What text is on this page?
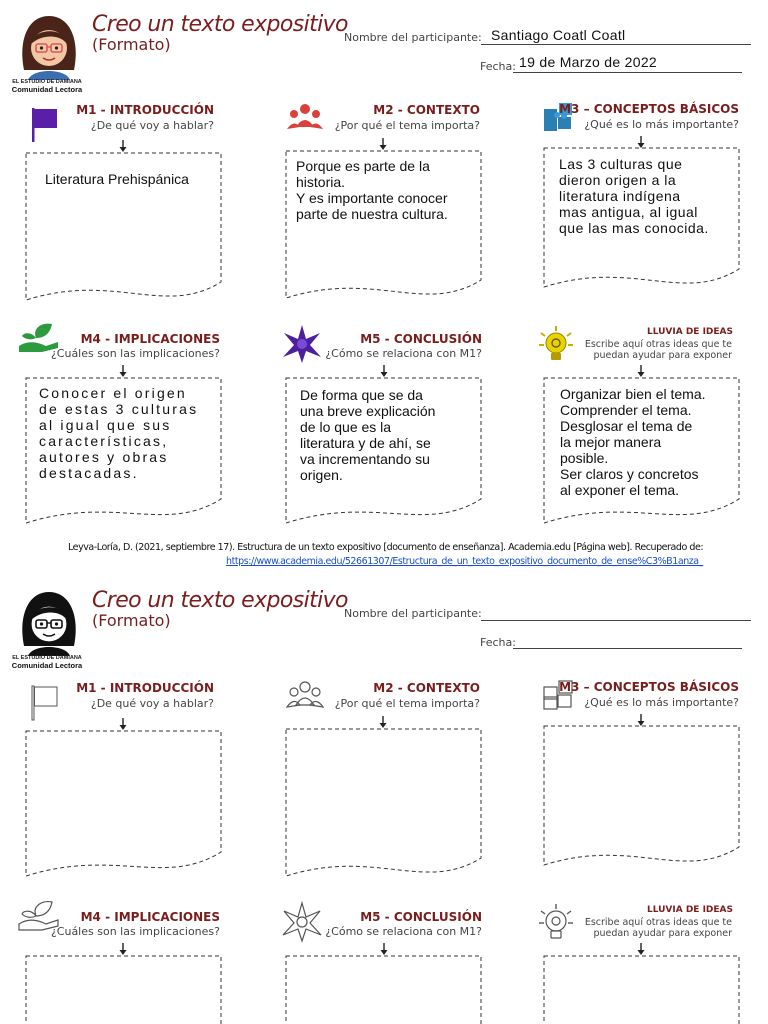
EL ESTUDIO DE DAMIANA
Comunidad Lectora
Creo un texto expositivo
(Formato)	Nombre del participante: Santiago Coatl Coatl
Fecha: 19 de Marzo de 2022
M1 - INTRODUCCIÓN
¿De qué voy a hablar?
M2 - CONTEXTO
¿Por qué el tema importa?
M3 – CONCEPTOS BÁSICOS
¿Qué es lo más importante?
Literatura Prehispánica
Porque es parte de la
historia.
Y es importante conocer
parte de nuestra cultura.
Las 3 culturas que
dieron origen a la
literatura indígena
mas antigua, al igual
que las mas conocida.
M4 - IMPLICACIONES
¿Cuáles son las implicaciones?
M5 - CONCLUSIÓN
¿Cómo se relaciona con M1?
LLUVIA DE IDEAS
Escribe aquí otras ideas que te
puedan ayudar para exponer
Conocer el origen
de estas 3 culturas
al igual que sus
características,
autores y obras
destacadas.
De forma que se da
una breve explicación
de lo que es la
literatura y de ahí, se
va incrementando su
origen.
Organizar bien el tema.
Comprender el tema.
Desglosar el tema de
la mejor manera
posible.
Ser claros y concretos
al exponer el tema.
Leyva-Loría, D. (2021, septiembre 17). Estructura de un texto expositivo [documento de enseñanza]. Academia.edu [Página web]. Recuperado de:
https://www.academia.edu/52661307/Estructura_de_un_texto_expositivo_documento_de_ense%C3%B1anza_
EL ESTUDIO DE DAMIANA
Comunidad Lectora
Creo un texto expositivo
(Formato)	Nombre del participante:
Fecha:
M1 - INTRODUCCIÓN
¿De qué voy a hablar?
M2 - CONTEXTO
¿Por qué el tema importa?
M3 – CONCEPTOS BÁSICOS
¿Qué es lo más importante?
M4 - IMPLICACIONES
¿Cuáles son las implicaciones?
M5 - CONCLUSIÓN
¿Cómo se relaciona con M1?
LLUVIA DE IDEAS
Escribe aquí otras ideas que te
puedan ayudar para exponer
